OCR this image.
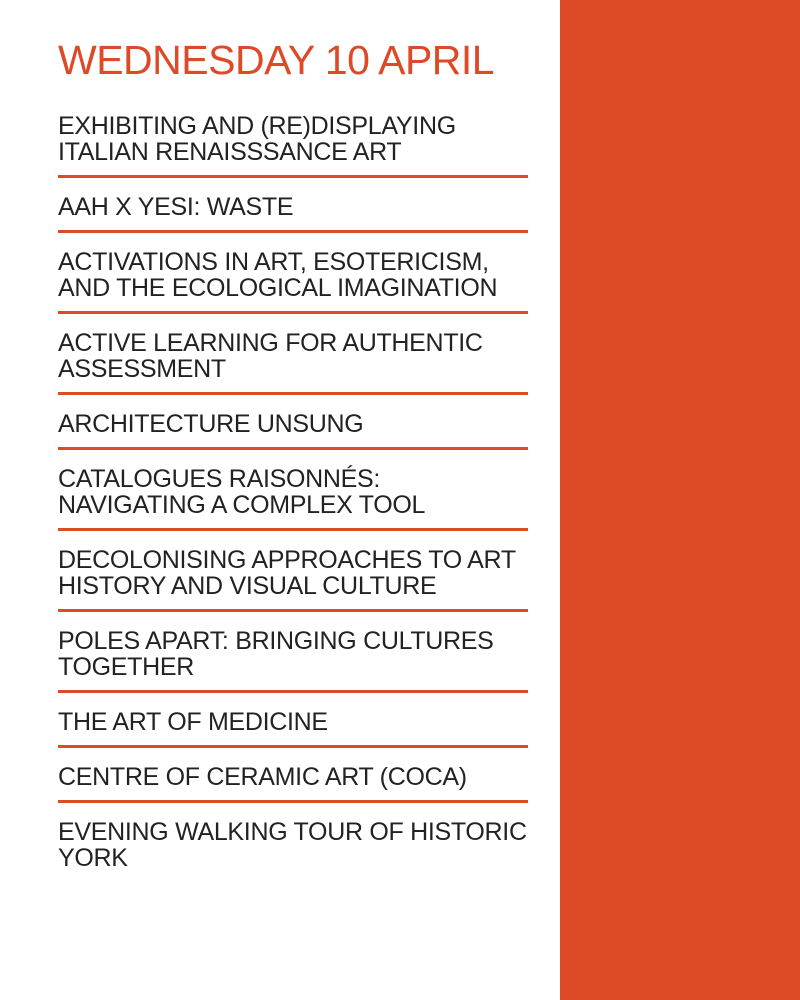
WEDNESDAY 10 APRIL

EXHIBITING AND (RE)DISPLAYING ITALIAN RENAISSSANCE ART

AAH X YESI: WASTE

ACTIVATIONS IN ART, ESOTERICISM, AND THE ECOLOGICAL IMAGINATION

ACTIVE LEARNING FOR AUTHENTIC ASSESSMENT

ARCHITECTURE UNSUNG

CATALOGUES RAISONNÉS: NAVIGATING A COMPLEX TOOL

DECOLONISING APPROACHES TO ART HISTORY AND VISUAL CULTURE

POLES APART: BRINGING CULTURES TOGETHER

THE ART OF MEDICINE

CENTRE OF CERAMIC ART (COCA)

EVENING WALKING TOUR OF HISTORIC YORK
